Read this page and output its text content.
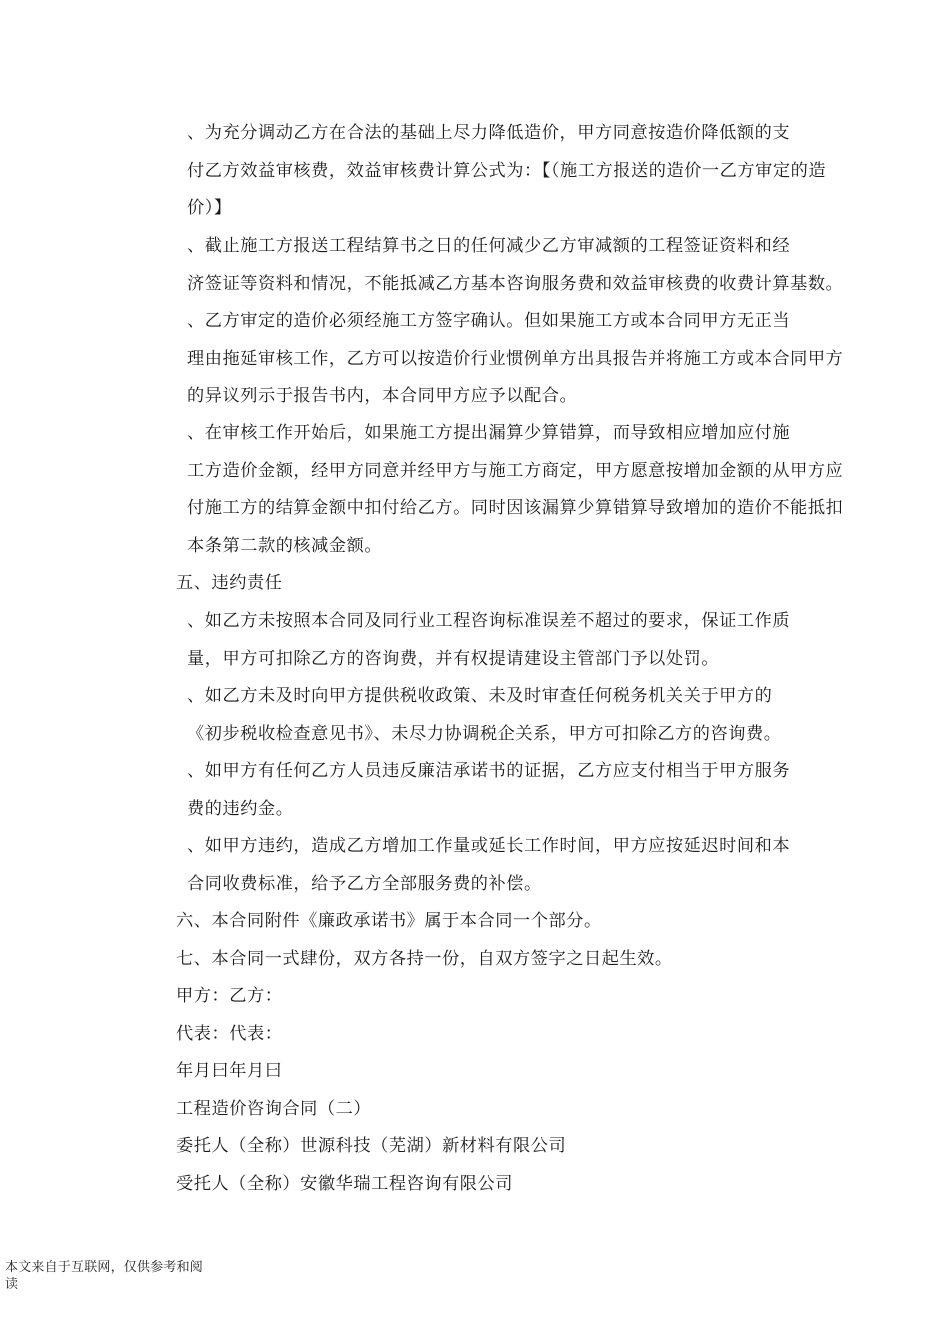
、为充分调动乙方在合法的基础上尽力降低造价，甲方同意按造价降低额的支
付乙方效益审核费，效益审核费计算公式为：【（施工方报送的造价一乙方审定的造
价）】
、截止施工方报送工程结算书之日的任何减少乙方审减额的工程签证资料和经
济签证等资料和情况，不能抵减乙方基本咨询服务费和效益审核费的收费计算基数。
、乙方审定的造价必须经施工方签字确认。但如果施工方或本合同甲方无正当
理由拖延审核工作，乙方可以按造价行业惯例单方出具报告并将施工方或本合同甲方
的异议列示于报告书内，本合同甲方应予以配合。
、在审核工作开始后，如果施工方提出漏算少算错算，而导致相应增加应付施
工方造价金额，经甲方同意并经甲方与施工方商定，甲方愿意按增加金额的从甲方应
付施工方的结算金额中扣付给乙方。同时因该漏算少算错算导致增加的造价不能抵扣
本条第二款的核减金额。
五、违约责任
、如乙方未按照本合同及同行业工程咨询标准误差不超过的要求，保证工作质
量，甲方可扣除乙方的咨询费，并有权提请建设主管部门予以处罚。
、如乙方未及时向甲方提供税收政策、未及时审查任何税务机关关于甲方的
《初步税收检查意见书》、未尽力协调税企关系，甲方可扣除乙方的咨询费。
、如甲方有任何乙方人员违反廉洁承诺书的证据，乙方应支付相当于甲方服务
费的违约金。
、如甲方违约，造成乙方增加工作量或延长工作时间，甲方应按延迟时间和本
合同收费标准，给予乙方全部服务费的补偿。
六、本合同附件《廉政承诺书》属于本合同一个部分。
七、本合同一式肆份，双方各持一份，自双方签字之日起生效。
甲方：乙方：
代表：代表：
年月曰年月曰
工程造价咨询合同（二）
委托人（全称）世源科技（芜湖）新材料有限公司
受托人（全称）安徽华瑞工程咨询有限公司
本文来自于互联网，仅供参考和阅
读
